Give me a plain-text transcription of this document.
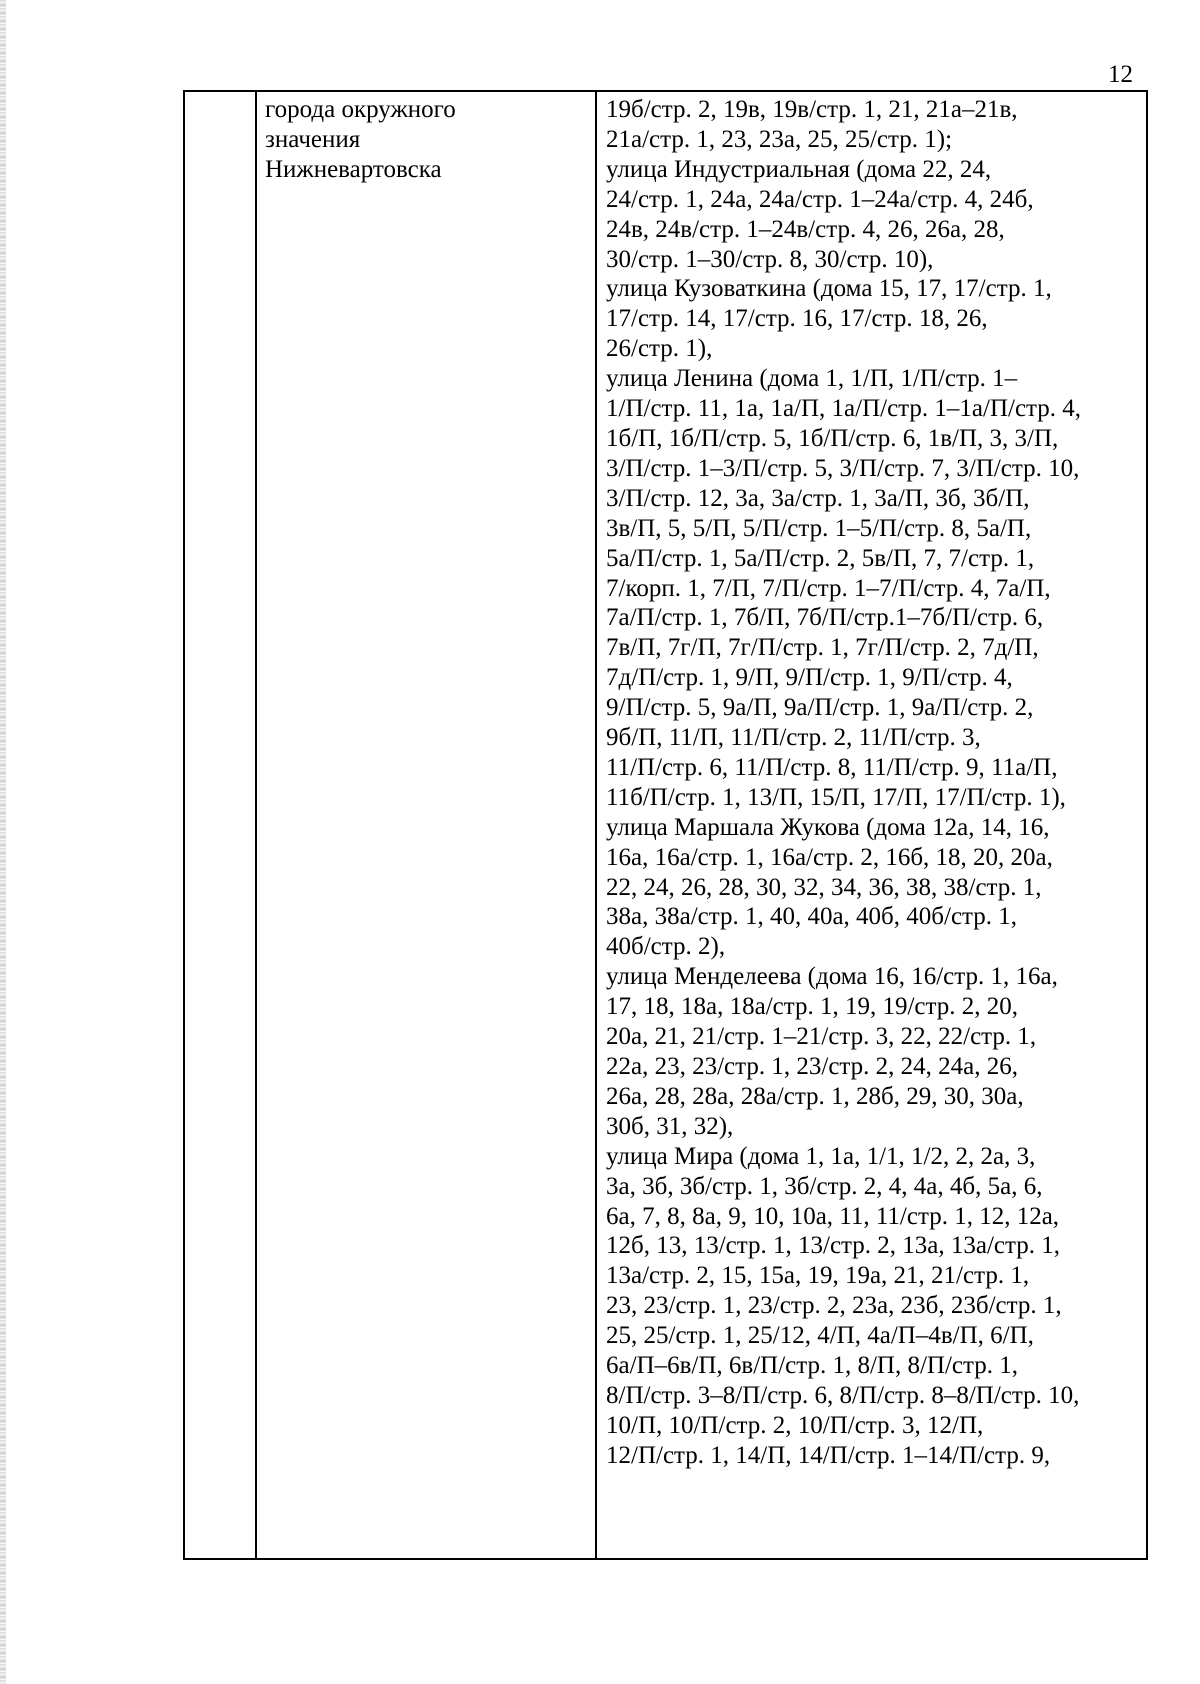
12

города окружного
значения
Нижневартовска

19б/стр. 2, 19в, 19в/стр. 1, 21, 21а–21в,
21а/стр. 1, 23, 23а, 25, 25/стр. 1);
улица Индустриальная (дома 22, 24,
24/стр. 1, 24а, 24а/стр. 1–24а/стр. 4, 24б,
24в, 24в/стр. 1–24в/стр. 4, 26, 26а, 28,
30/стр. 1–30/стр. 8, 30/стр. 10),
улица Кузоваткина (дома 15, 17, 17/стр. 1,
17/стр. 14, 17/стр. 16, 17/стр. 18, 26,
26/стр. 1),
улица Ленина (дома 1, 1/П, 1/П/стр. 1–
1/П/стр. 11, 1а, 1а/П, 1а/П/стр. 1–1а/П/стр. 4,
1б/П, 1б/П/стр. 5, 1б/П/стр. 6, 1в/П, 3, 3/П,
3/П/стр. 1–3/П/стр. 5, 3/П/стр. 7, 3/П/стр. 10,
3/П/стр. 12, 3а, 3а/стр. 1, 3а/П, 3б, 3б/П,
3в/П, 5, 5/П, 5/П/стр. 1–5/П/стр. 8, 5а/П,
5а/П/стр. 1, 5а/П/стр. 2, 5в/П, 7, 7/стр. 1,
7/корп. 1, 7/П, 7/П/стр. 1–7/П/стр. 4, 7а/П,
7а/П/стр. 1, 7б/П, 7б/П/стр.1–7б/П/стр. 6,
7в/П, 7г/П, 7г/П/стр. 1, 7г/П/стр. 2, 7д/П,
7д/П/стр. 1, 9/П, 9/П/стр. 1, 9/П/стр. 4,
9/П/стр. 5, 9а/П, 9а/П/стр. 1, 9а/П/стр. 2,
9б/П, 11/П, 11/П/стр. 2, 11/П/стр. 3,
11/П/стр. 6, 11/П/стр. 8, 11/П/стр. 9, 11а/П,
11б/П/стр. 1, 13/П, 15/П, 17/П, 17/П/стр. 1),
улица Маршала Жукова (дома 12а, 14, 16,
16а, 16а/стр. 1, 16а/стр. 2, 16б, 18, 20, 20а,
22, 24, 26, 28, 30, 32, 34, 36, 38, 38/стр. 1,
38а, 38а/стр. 1, 40, 40а, 40б, 40б/стр. 1,
40б/стр. 2),
улица Менделеева (дома 16, 16/стр. 1, 16а,
17, 18, 18а, 18а/стр. 1, 19, 19/стр. 2, 20,
20а, 21, 21/стр. 1–21/стр. 3, 22, 22/стр. 1,
22а, 23, 23/стр. 1, 23/стр. 2, 24, 24а, 26,
26а, 28, 28а, 28а/стр. 1, 28б, 29, 30, 30а,
30б, 31, 32),
улица Мира (дома 1, 1а, 1/1, 1/2, 2, 2а, 3,
3а, 3б, 3б/стр. 1, 3б/стр. 2, 4, 4а, 4б, 5а, 6,
6а, 7, 8, 8а, 9, 10, 10а, 11, 11/стр. 1, 12, 12а,
12б, 13, 13/стр. 1, 13/стр. 2, 13а, 13а/стр. 1,
13а/стр. 2, 15, 15а, 19, 19а, 21, 21/стр. 1,
23, 23/стр. 1, 23/стр. 2, 23а, 23б, 23б/стр. 1,
25, 25/стр. 1, 25/12, 4/П, 4а/П–4в/П, 6/П,
6а/П–6в/П, 6в/П/стр. 1, 8/П, 8/П/стр. 1,
8/П/стр. 3–8/П/стр. 6, 8/П/стр. 8–8/П/стр. 10,
10/П, 10/П/стр. 2, 10/П/стр. 3, 12/П,
12/П/стр. 1, 14/П, 14/П/стр. 1–14/П/стр. 9,
